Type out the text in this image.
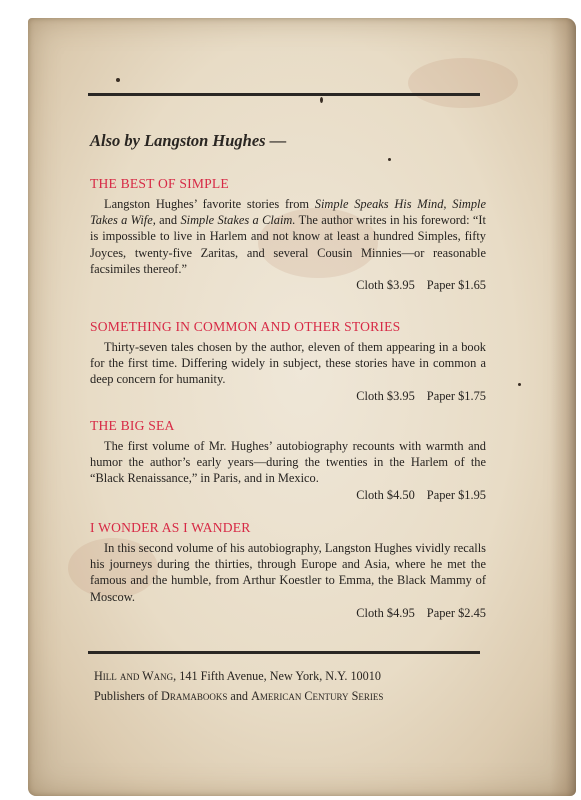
Also by Langston Hughes —
THE BEST OF SIMPLE
Langston Hughes’ favorite stories from Simple Speaks His Mind, Simple Takes a Wife, and Simple Stakes a Claim. The author writes in his foreword: “It is impossible to live in Harlem and not know at least a hundred Simples, fifty Joyces, twenty-five Zaritas, and several Cousin Minnies—or reasonable facsimiles thereof.”
Cloth $3.95 Paper $1.65
SOMETHING IN COMMON AND OTHER STORIES
Thirty-seven tales chosen by the author, eleven of them appearing in a book for the first time. Differing widely in subject, these stories have in common a deep concern for humanity.
Cloth $3.95 Paper $1.75
THE BIG SEA
The first volume of Mr. Hughes’ autobiography recounts with warmth and humor the author’s early years—during the twenties in the Harlem of the “Black Renaissance,” in Paris, and in Mexico.
Cloth $4.50 Paper $1.95
I WONDER AS I WANDER
In this second volume of his autobiography, Langston Hughes vividly recalls his journeys during the thirties, through Europe and Asia, where he met the famous and the humble, from Arthur Koestler to Emma, the Black Mammy of Moscow.
Cloth $4.95 Paper $2.45
Hill and Wang, 141 Fifth Avenue, New York, N.Y. 10010
Publishers of Dramabooks and American Century Series
